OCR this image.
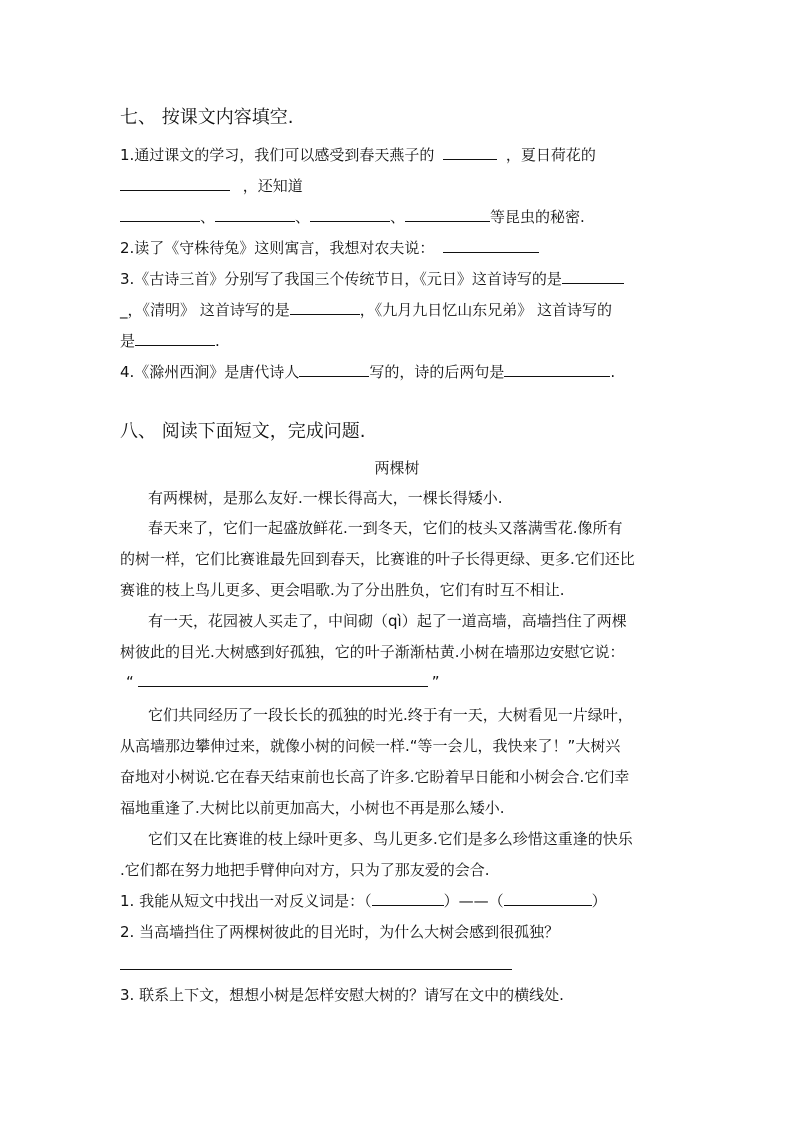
七、 按课文内容填空.
1.通过课文的学习，我们可以感受到春天燕子的	，夏日荷花的
，还知道
、	、	、	等昆虫的秘密.
2.读了《守株待兔》这则寓言，我想对农夫说：
3.《古诗三首》分别写了我国三个传统节日，《元日》这首诗写的是
_，《清明》 这首诗写的是	，《九月九日忆山东兄弟》 这首诗写的
是	.
4.《滁州西涧》是唐代诗人	写的，诗的后两句是	.
八、 阅读下面短文，完成问题.
两棵树
有两棵树，是那么友好.一棵长得高大，一棵长得矮小.
春天来了，它们一起盛放鲜花.一到冬天，它们的枝头又落满雪花.像所有
的树一样，它们比赛谁最先回到春天，比赛谁的叶子长得更绿、更多.它们还比
赛谁的枝上鸟儿更多、更会唱歌.为了分出胜负，它们有时互不相让.
有一天，花园被人买走了，中间砌（qì）起了一道高墙，高墙挡住了两棵
树彼此的目光.大树感到好孤独，它的叶子渐渐枯黄.小树在墙那边安慰它说：
“	”
它们共同经历了一段长长的孤独的时光.终于有一天，大树看见一片绿叶，
从高墙那边攀伸过来，就像小树的问候一样.“等一会儿，我快来了！”大树兴
奋地对小树说.它在春天结束前也长高了许多.它盼着早日能和小树会合.它们幸
福地重逢了.大树比以前更加高大，小树也不再是那么矮小.
它们又在比赛谁的枝上绿叶更多、鸟儿更多.它们是多么珍惜这重逢的快乐
.它们都在努力地把手臂伸向对方，只为了那友爱的会合.
1. 我能从短文中找出一对反义词是：（	）——（	）
2. 当高墙挡住了两棵树彼此的目光时，为什么大树会感到很孤独？
3. 联系上下文，想想小树是怎样安慰大树的？请写在文中的横线处.
